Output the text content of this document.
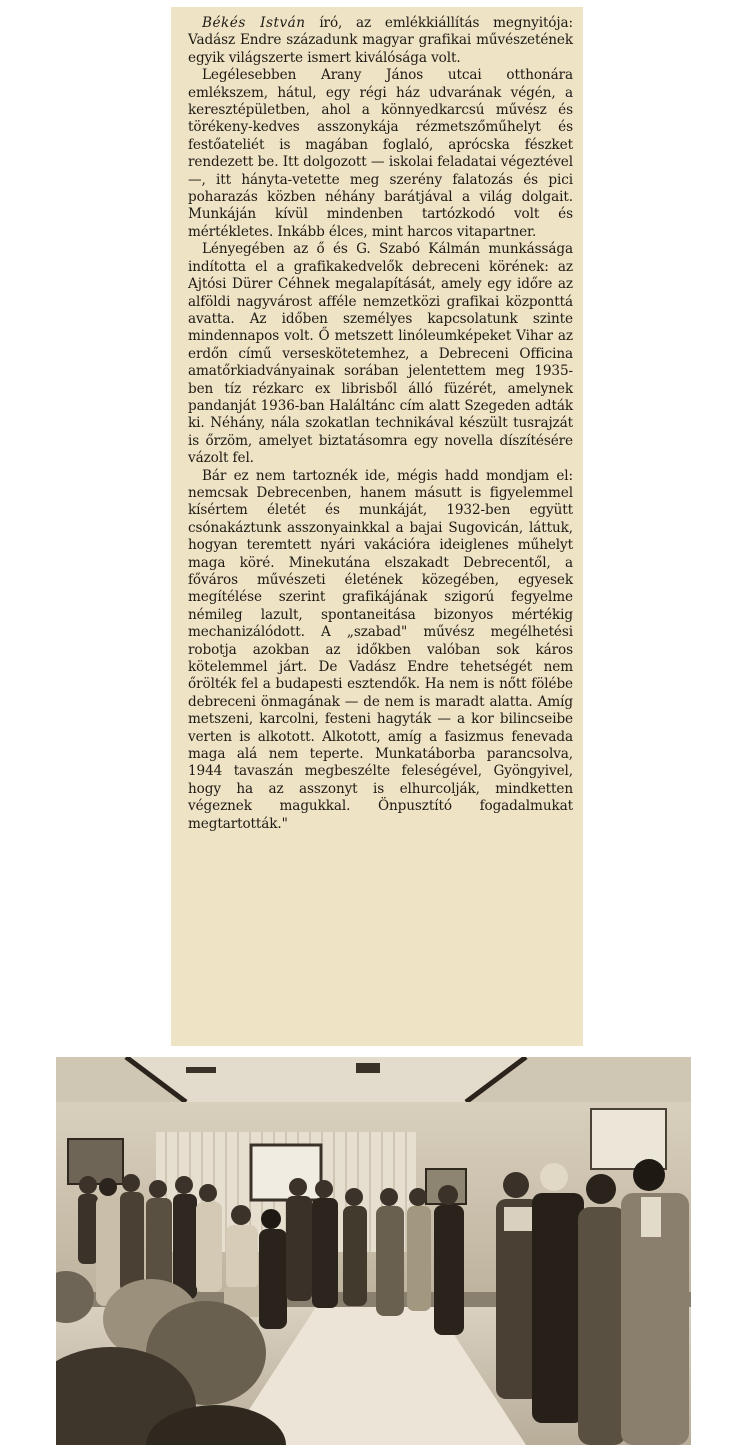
Békés István író, az emlékkiállítás megnyitója: Vadász Endre századunk magyar grafikai művészetének egyik világszerte ismert kiválósága volt.

Legélesebben Arany János utcai otthonára emlékszem, hátul, egy régi ház udvarának végén, a keresztépületben, ahol a könnyedkarcsú művész és törékeny-kedves asszonykája rézmetszőműhelyt és festőateliét is magában foglaló, aprócska fészket rendezett be. Itt dolgozott — iskolai feladatai végeztével —, itt hányta-vetette meg szerény falatozás és pici poharazás közben néhány barátjával a világ dolgait. Munkáján kívül mindenben tartózkodó volt és mértékletes. Inkább élces, mint harcos vitapartner.

Lényegében az ő és G. Szabó Kálmán munkássága indította el a grafikakedvelők debreceni körének: az Ajtósi Dürer Céhnek megalapítását, amely egy időre az alföldi nagyvárost afféle nemzetközi grafikai központtá avatta. Az időben személyes kapcsolatunk szinte mindennapos volt. Ő metszett linóleumképeket Vihar az erdőn című verseskötetemhez, a Debreceni Officina amatőrkiadványainak sorában jelentettem meg 1935-ben tíz rézkarc ex librisből álló füzérét, amelynek pandanját 1936-ban Haláltánc cím alatt Szegeden adták ki. Néhány, nála szokatlan technikával készült tusrajzát is őrzöm, amelyet biztatásomra egy novella díszítésére vázolt fel.

Bár ez nem tartoznék ide, mégis hadd mondjam el: nemcsak Debrecenben, hanem másutt is figyelemmel kísértem életét és munkáját, 1932-ben együtt csónakáztunk asszonyainkkal a bajai Sugovicán, láttuk, hogyan teremtett nyári vakációra ideiglenes műhelyt maga köré. Minekutána elszakadt Debrecentől, a főváros művészeti életének közegében, egyesek megítélése szerint grafikájának szigorú fegyelme némileg lazult, spontaneitása bizonyos mértékig mechanizálódott. A „szabad" művész megélhetési robotja azokban az időkben valóban sok káros kötelemmel járt. De Vadász Endre tehetségét nem őrölték fel a budapesti esztendők. Ha nem is nőtt fölébe debreceni önmagának — de nem is maradt alatta. Amíg metszeni, karcolni, festeni hagyták — a kor bilincseibe verten is alkotott. Alkotott, amíg a fasizmus fenevada maga alá nem teperte. Munkatáborba parancsolva, 1944 tavaszán megbeszélte feleségével, Gyöngyivel, hogy ha az asszonyt is elhurcolják, mindketten végeznek magukkal. Önpusztító fogadalmukat megtartották."
